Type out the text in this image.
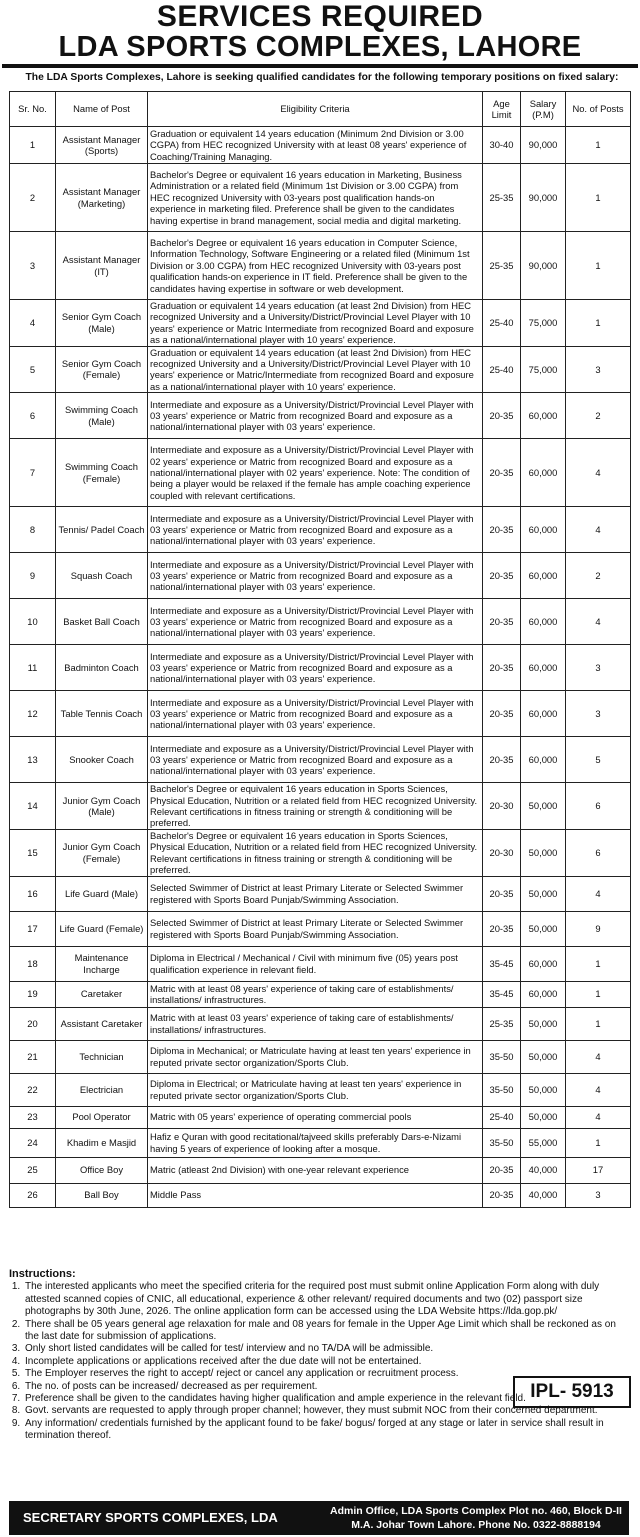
SERVICES REQUIRED
LDA SPORTS COMPLEXES, LAHORE
The LDA Sports Complexes, Lahore is seeking qualified candidates for the following temporary positions on fixed salary:
Sr. No.	Name of Post	Eligibility Criteria	Age Limit	Salary (P.M)	No. of Posts
1	Assistant Manager (Sports)	Graduation or equivalent 14 years education (Minimum 2nd Division or 3.00 CGPA) from HEC recognized University with at least 08 years' experience of Coaching/Training Managing.	30-40	90,000	1
2	Assistant Manager (Marketing)	Bachelor's Degree or equivalent 16 years education in Marketing, Business Administration or a related field (Minimum 1st Division or 3.00 CGPA) from HEC recognized University with 03-years post qualification hands-on experience in marketing filed. Preference shall be given to the candidates having expertise in brand management, social media and digital marketing.	25-35	90,000	1
3	Assistant Manager (IT)	Bachelor's Degree or equivalent 16 years education in Computer Science, Information Technology, Software Engineering or a related filed (Minimum 1st Division or 3.00 CGPA) from HEC recognized University with 03-years post qualification hands-on experience in IT field. Preference shall be given to the candidates having expertise in software or web development.	25-35	90,000	1
4	Senior Gym Coach (Male)	Graduation or equivalent 14 years education (at least 2nd Division) from HEC recognized University and a University/District/Provincial Level Player with 10 years' experience or Matric Intermediate from recognized Board and exposure as a national/international player with 10 years' experience.	25-40	75,000	1
5	Senior Gym Coach (Female)	Graduation or equivalent 14 years education (at least 2nd Division) from HEC recognized University and a University/District/Provincial Level Player with 10 years' experience or Matric/Intermediate from recognized Board and exposure as a national/international player with 10 years' experience.	25-40	75,000	3
6	Swimming Coach (Male)	Intermediate and exposure as a University/District/Provincial Level Player with 03 years' experience or Matric from recognized Board and exposure as a national/international player with 03 years' experience.	20-35	60,000	2
7	Swimming Coach (Female)	Intermediate and exposure as a University/District/Provincial Level Player with 02 years' experience or Matric from recognized Board and exposure as a national/international player with 02 years' experience. Note: The condition of being a player would be relaxed if the female has ample coaching experience coupled with relevant certifications.	20-35	60,000	4
8	Tennis/ Padel Coach	Intermediate and exposure as a University/District/Provincial Level Player with 03 years' experience or Matric from recognized Board and exposure as a national/international player with 03 years' experience.	20-35	60,000	4
9	Squash Coach	Intermediate and exposure as a University/District/Provincial Level Player with 03 years' experience or Matric from recognized Board and exposure as a national/international player with 03 years' experience.	20-35	60,000	2
10	Basket Ball Coach	Intermediate and exposure as a University/District/Provincial Level Player with 03 years' experience or Matric from recognized Board and exposure as a national/international player with 03 years' experience.	20-35	60,000	4
11	Badminton Coach	Intermediate and exposure as a University/District/Provincial Level Player with 03 years' experience or Matric from recognized Board and exposure as a national/international player with 03 years' experience.	20-35	60,000	3
12	Table Tennis Coach	Intermediate and exposure as a University/District/Provincial Level Player with 03 years' experience or Matric from recognized Board and exposure as a national/international player with 03 years' experience.	20-35	60,000	3
13	Snooker Coach	Intermediate and exposure as a University/District/Provincial Level Player with 03 years' experience or Matric from recognized Board and exposure as a national/international player with 03 years' experience.	20-35	60,000	5
14	Junior Gym Coach (Male)	Bachelor's Degree or equivalent 16 years education in Sports Sciences, Physical Education, Nutrition or a related field from HEC recognized University. Relevant certifications in fitness training or strength & conditioning will be preferred.	20-30	50,000	6
15	Junior Gym Coach (Female)	Bachelor's Degree or equivalent 16 years education in Sports Sciences, Physical Education, Nutrition or a related field from HEC recognized University. Relevant certifications in fitness training or strength & conditioning will be preferred.	20-30	50,000	6
16	Life Guard (Male)	Selected Swimmer of District at least Primary Literate or Selected Swimmer registered with Sports Board Punjab/Swimming Association.	20-35	50,000	4
17	Life Guard (Female)	Selected Swimmer of District at least Primary Literate or Selected Swimmer registered with Sports Board Punjab/Swimming Association.	20-35	50,000	9
18	Maintenance Incharge	Diploma in Electrical / Mechanical / Civil with minimum five (05) years post qualification experience in relevant field.	35-45	60,000	1
19	Caretaker	Matric with at least 08 years' experience of taking care of establishments/ installations/ infrastructures.	35-45	60,000	1
20	Assistant Caretaker	Matric with at least 03 years' experience of taking care of establishments/ installations/ infrastructures.	25-35	50,000	1
21	Technician	Diploma in Mechanical; or Matriculate having at least ten years' experience in reputed private sector organization/Sports Club.	35-50	50,000	4
22	Electrician	Diploma in Electrical; or Matriculate having at least ten years' experience in reputed private sector organization/Sports Club.	35-50	50,000	4
23	Pool Operator	Matric with 05 years' experience of operating commercial pools	25-40	50,000	4
24	Khadim e Masjid	Hafiz e Quran with good recitational/tajveed skills preferably Dars-e-Nizami having 5 years of experience of looking after a mosque.	35-50	55,000	1
25	Office Boy	Matric (atleast 2nd Division) with one-year relevant experience	20-35	40,000	17
26	Ball Boy	Middle Pass	20-35	40,000	3
Instructions:
1. The interested applicants who meet the specified criteria for the required post must submit online Application Form along with duly attested scanned copies of CNIC, all educational, experience & other relevant/ required documents and two (02) passport size photographs by 30th June, 2026. The online application form can be accessed using the LDA Website https://lda.gop.pk/
2. There shall be 05 years general age relaxation for male and 08 years for female in the Upper Age Limit which shall be reckoned as on the last date for submission of applications.
3. Only short listed candidates will be called for test/ interview and no TA/DA will be admissible.
4. Incomplete applications or applications received after the due date will not be entertained.
5. The Employer reserves the right to accept/ reject or cancel any application or recruitment process.
6. The no. of posts can be increased/ decreased as per requirement.
7. Preference shall be given to the candidates having higher qualification and ample experience in the relevant field.
8. Govt. servants are requested to apply through proper channel; however, they must submit NOC from their concerned department.
9. Any information/ credentials furnished by the applicant found to be fake/ bogus/ forged at any stage or later in service shall result in termination thereof.
IPL- 5913
SECRETARY SPORTS COMPLEXES, LDA	Admin Office, LDA Sports Complex Plot no. 460, Block D-II
M.A. Johar Town Lahore. Phone No. 0322-8888194
